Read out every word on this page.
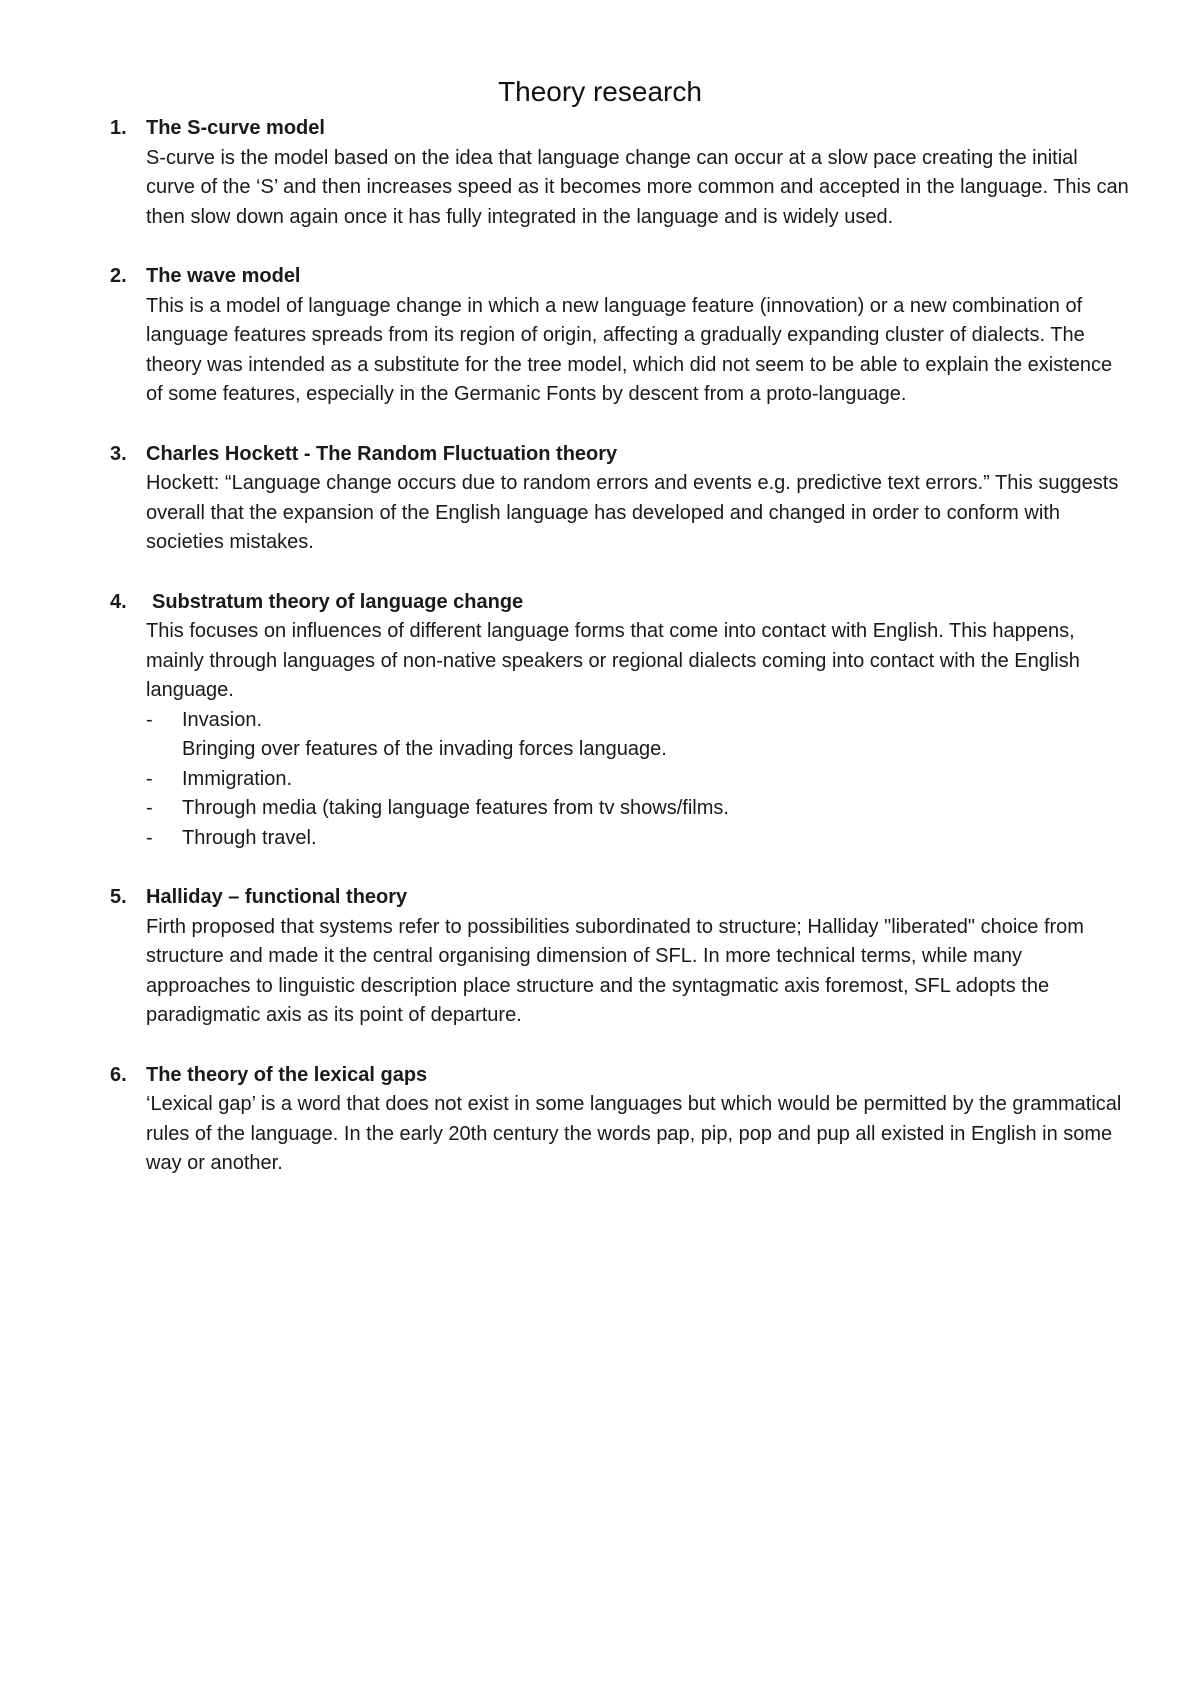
Theory research
1. The S-curve model

S-curve is the model based on the idea that language change can occur at a slow pace creating the initial curve of the ‘S’ and then increases speed as it becomes more common and accepted in the language. This can then slow down again once it has fully integrated in the language and is widely used.

2. The wave model

This is a model of language change in which a new language feature (innovation) or a new combination of language features spreads from its region of origin, affecting a gradually expanding cluster of dialects. The theory was intended as a substitute for the tree model, which did not seem to be able to explain the existence of some features, especially in the Germanic Fonts by descent from a proto-language.

3. Charles Hockett - The Random Fluctuation theory

Hockett: “Language change occurs due to random errors and events e.g. predictive text errors.” This suggests overall that the expansion of the English language has developed and changed in order to conform with societies mistakes.

4.	Substratum theory of language change

This focuses on influences of different language forms that come into contact with English. This happens, mainly through languages of non-native speakers or regional dialects coming into contact with the English language.

- Invasion.
Bringing over features of the invading forces language.
- Immigration.
- Through media (taking language features from tv shows/films.
- Through travel.
5. Halliday – functional theory

Firth proposed that systems refer to possibilities subordinated to structure; Halliday "liberated" choice from structure and made it the central organising dimension of SFL. In more technical terms, while many approaches to linguistic description place structure and the syntagmatic axis foremost, SFL adopts the paradigmatic axis as its point of departure.

6. The theory of the lexical gaps

‘Lexical gap’ is a word that does not exist in some languages but which would be permitted by the grammatical rules of the language. In the early 20th century the words pap, pip, pop and pup all existed in English in some way or another.
